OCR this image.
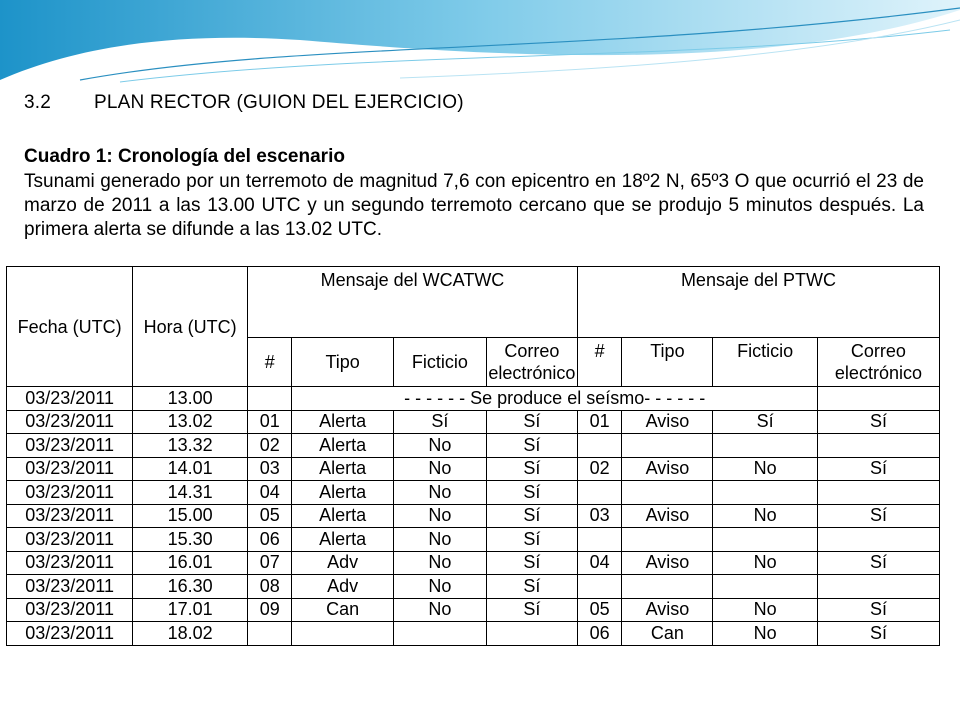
3.2 PLAN RECTOR (GUION DEL EJERCICIO)
Cuadro 1: Cronología del escenario
Tsunami generado por un terremoto de magnitud 7,6 con epicentro en 18º2 N, 65º3 O que ocurrió el 23 de marzo de 2011 a las 13.00 UTC y un segundo terremoto cercano que se produjo 5 minutos después. La primera alerta se difunde a las 13.02 UTC.
Fecha (UTC)	Hora (UTC)	Mensaje del WCATWC				Mensaje del PTWC			
		#	Tipo	Ficticio	Correo electrónico	#	Tipo	Ficticio	Correo electrónico
03/23/2011	13.00		- - - - - - Se produce el seísmo- - - - - -						
03/23/2011	13.02	01	Alerta	Sí	Sí	01	Aviso	Sí	Sí
03/23/2011	13.32	02	Alerta	No	Sí				
03/23/2011	14.01	03	Alerta	No	Sí	02	Aviso	No	Sí
03/23/2011	14.31	04	Alerta	No	Sí				
03/23/2011	15.00	05	Alerta	No	Sí	03	Aviso	No	Sí
03/23/2011	15.30	06	Alerta	No	Sí				
03/23/2011	16.01	07	Adv	No	Sí	04	Aviso	No	Sí
03/23/2011	16.30	08	Adv	No	Sí				
03/23/2011	17.01	09	Can	No	Sí	05	Aviso	No	Sí
03/23/2011	18.02					06	Can	No	Sí
